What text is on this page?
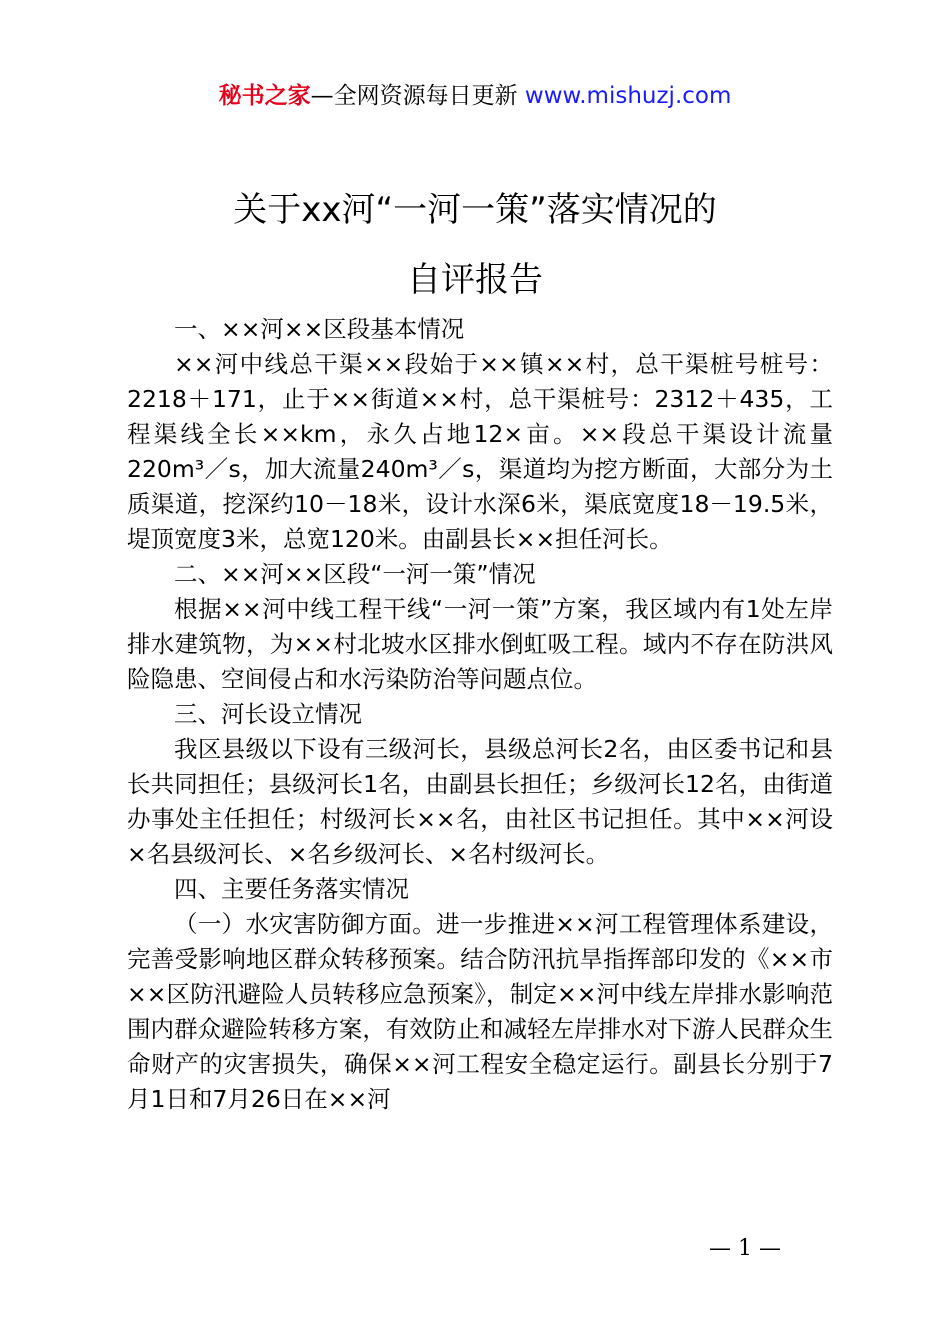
秘书之家—全网资源每日更新 www.mishuzj.com
关于xx河“一河一策”落实情况的
自评报告

一、××河××区段基本情况

××河中线总干渠××段始于××镇××村，总干渠桩号桩号：2218＋171，止于××街道××村，总干渠桩号：2312＋435，工程渠线全长××km，永久占地12×亩。××段总干渠设计流量220m³／s，加大流量240m³／s，渠道均为挖方断面，大部分为土质渠道，挖深约10－18米，设计水深6米，渠底宽度18－19.5米，堤顶宽度3米，总宽120米。由副县长××担任河长。

二、××河××区段“一河一策”情况

根据××河中线工程干线“一河一策”方案，我区域内有1处左岸排水建筑物，为××村北坡水区排水倒虹吸工程。域内不存在防洪风险隐患、空间侵占和水污染防治等问题点位。

三、河长设立情况

我区县级以下设有三级河长，县级总河长2名，由区委书记和县长共同担任；县级河长1名，由副县长担任；乡级河长12名，由街道办事处主任担任；村级河长××名，由社区书记担任。其中××河设×名县级河长、×名乡级河长、×名村级河长。

四、主要任务落实情况

（一）水灾害防御方面。进一步推进××河工程管理体系建设，完善受影响地区群众转移预案。结合防汛抗旱指挥部印发的《××市××区防汛避险人员转移应急预案》，制定××河中线左岸排水影响范围内群众避险转移方案，有效防止和减轻左岸排水对下游人民群众生命财产的灾害损失，确保××河工程安全稳定运行。副县长分别于7月1日和7月26日在××河

— 1 —
